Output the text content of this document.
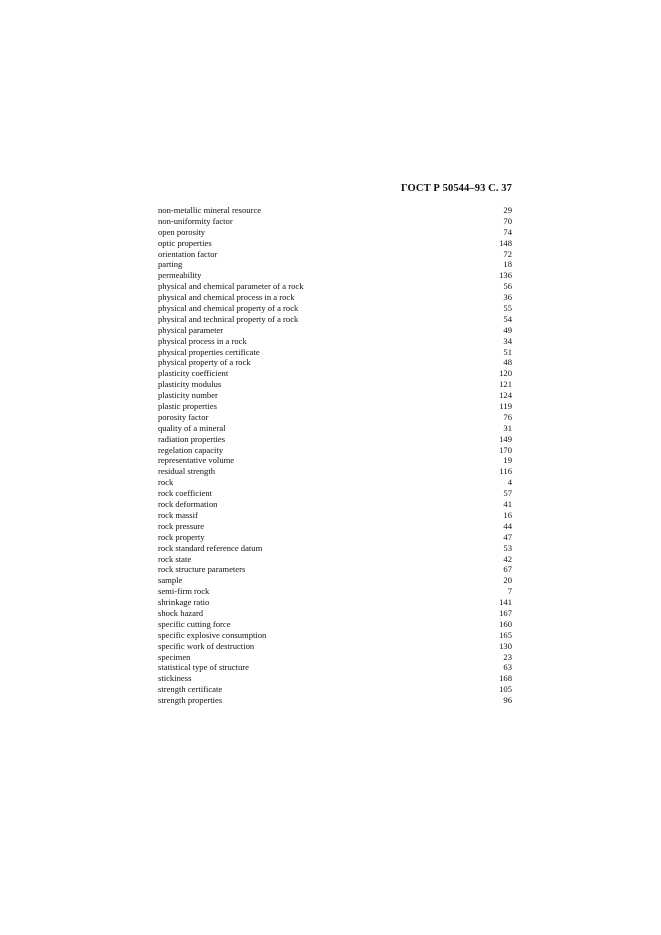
ГОСТ Р 50544–93 С. 37
non-metallic mineral resource	29
non-uniformity factor	70
open porosity	74
optic properties	148
orientation factor	72
parting	18
permeability	136
physical and chemical parameter of a rock	56
physical and chemical process in a rock	36
physical and chemical property of a rock	55
physical and technical property of a rock	54
physical parameter	49
physical process in a rock	34
physical properties certificate	51
physical property of a rock	48
plasticity coefficient	120
plasticity modulus	121
plasticity number	124
plastic properties	119
porosity factor	76
quality of a mineral	31
radiation properties	149
regelation capacity	170
representative volume	19
residual strength	116
rock	4
rock coefficient	57
rock deformation	41
rock massif	16
rock pressure	44
rock property	47
rock standard reference datum	53
rock state	42
rock structure parameters	67
sample	20
semi-firm rock	7
shrinkage ratio	141
shock hazard	167
specific cutting force	160
specific explosive consumption	165
specific work of destruction	130
specimen	23
statistical type of structure	63
stickiness	168
strength certificate	105
strength properties	96
